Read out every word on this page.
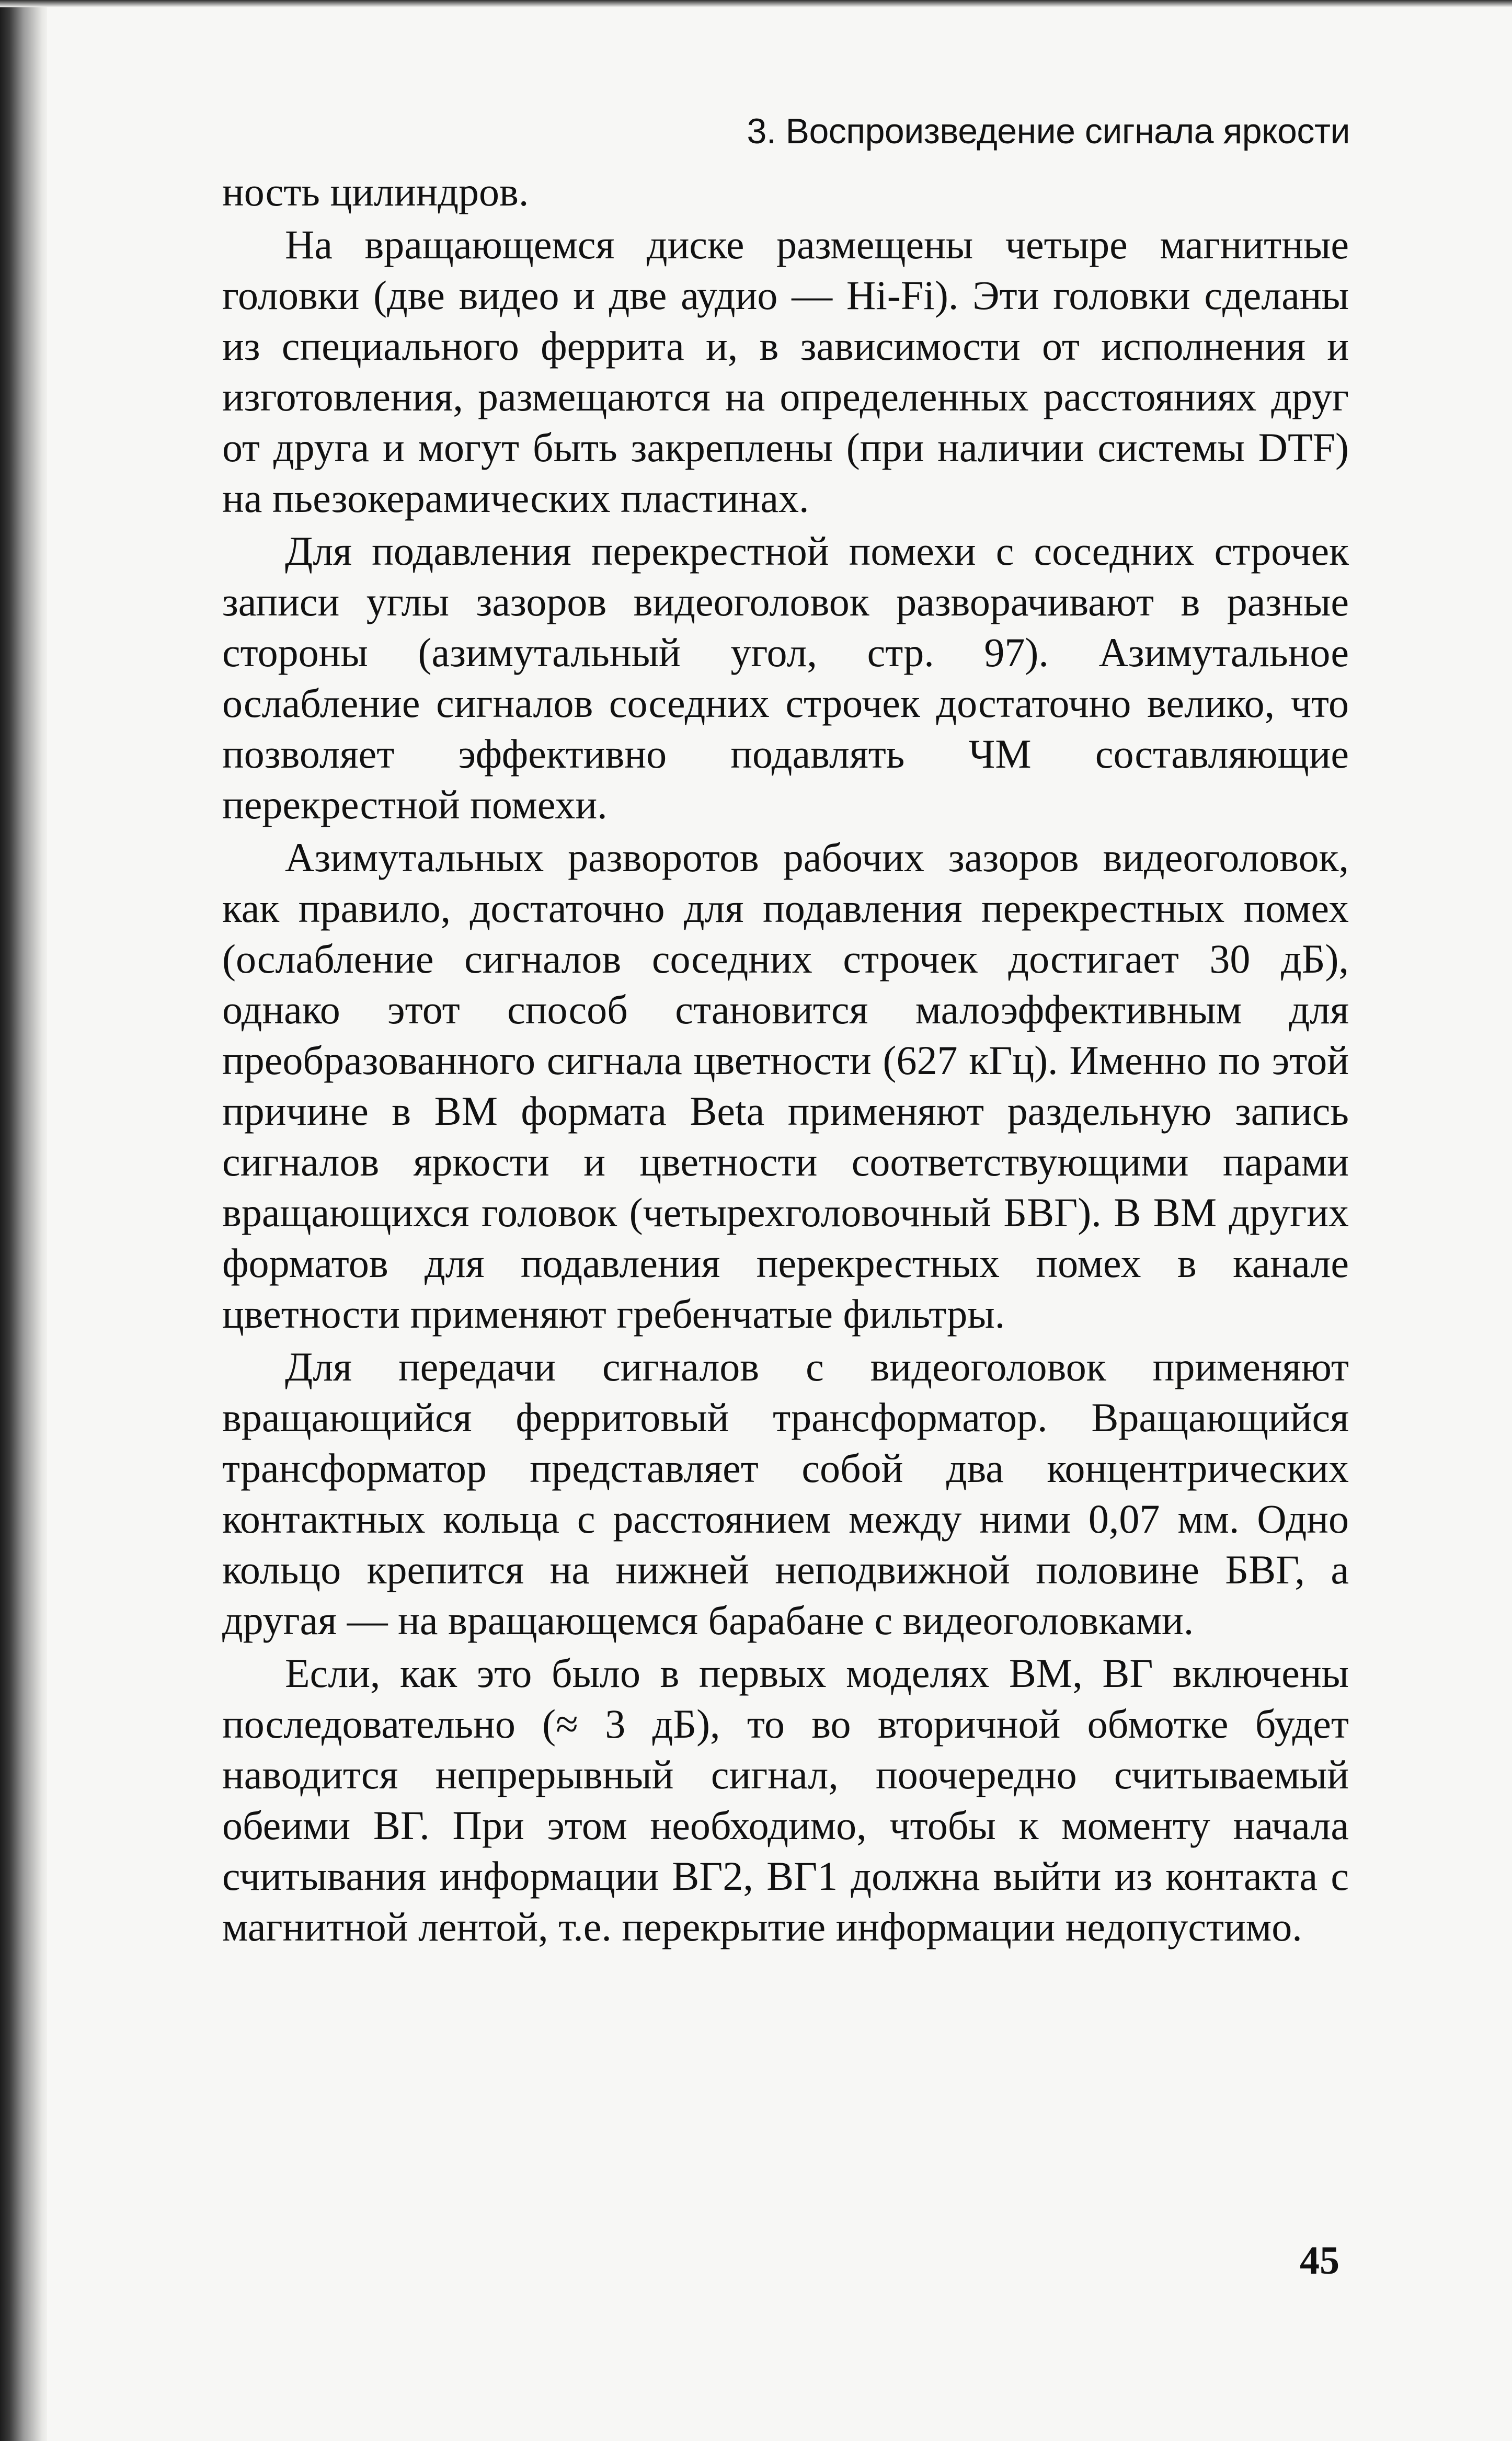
3. Воспроизведение сигнала яркости

ность цилиндров.

На вращающемся диске размещены четыре магнитные головки (две видео и две аудио — Hi-Fi). Эти головки сделаны из специального феррита и, в зависимости от исполнения и изготовления, размещаются на определенных расстояниях друг от друга и могут быть закреплены (при наличии системы DTF) на пьезокерамических пластинах.

Для подавления перекрестной помехи с соседних строчек записи углы зазоров видеоголовок разворачивают в разные стороны (азимутальный угол, стр. 97). Азимутальное ослабление сигналов соседних строчек достаточно велико, что позволяет эффективно подавлять ЧМ составляющие перекрестной помехи.

Азимутальных разворотов рабочих зазоров видеоголовок, как правило, достаточно для подавления перекрестных помех (ослабление сигналов соседних строчек достигает 30 дБ), однако этот способ становится малоэффективным для преобразованного сигнала цветности (627 кГц). Именно по этой причине в ВМ формата Beta применяют раздельную запись сигналов яркости и цветности соответствующими парами вращающихся головок (четырехголовочный БВГ). В ВМ других форматов для подавления перекрестных помех в канале цветности применяют гребенчатые фильтры.

Для передачи сигналов с видеоголовок применяют вращающийся ферритовый трансформатор. Вращающийся трансформатор представляет собой два концентрических контактных кольца с расстоянием между ними 0,07 мм. Одно кольцо крепится на нижней неподвижной половине БВГ, а другая — на вращающемся барабане с видеоголовками.

Если, как это было в первых моделях ВМ, ВГ включены последовательно (≈ 3 дБ), то во вторичной обмотке будет наводится непрерывный сигнал, поочередно считываемый обеими ВГ. При этом необходимо, чтобы к моменту начала считывания информации ВГ2, ВГ1 должна выйти из контакта с магнитной лентой, т.е. перекрытие информации недопустимо.

45
